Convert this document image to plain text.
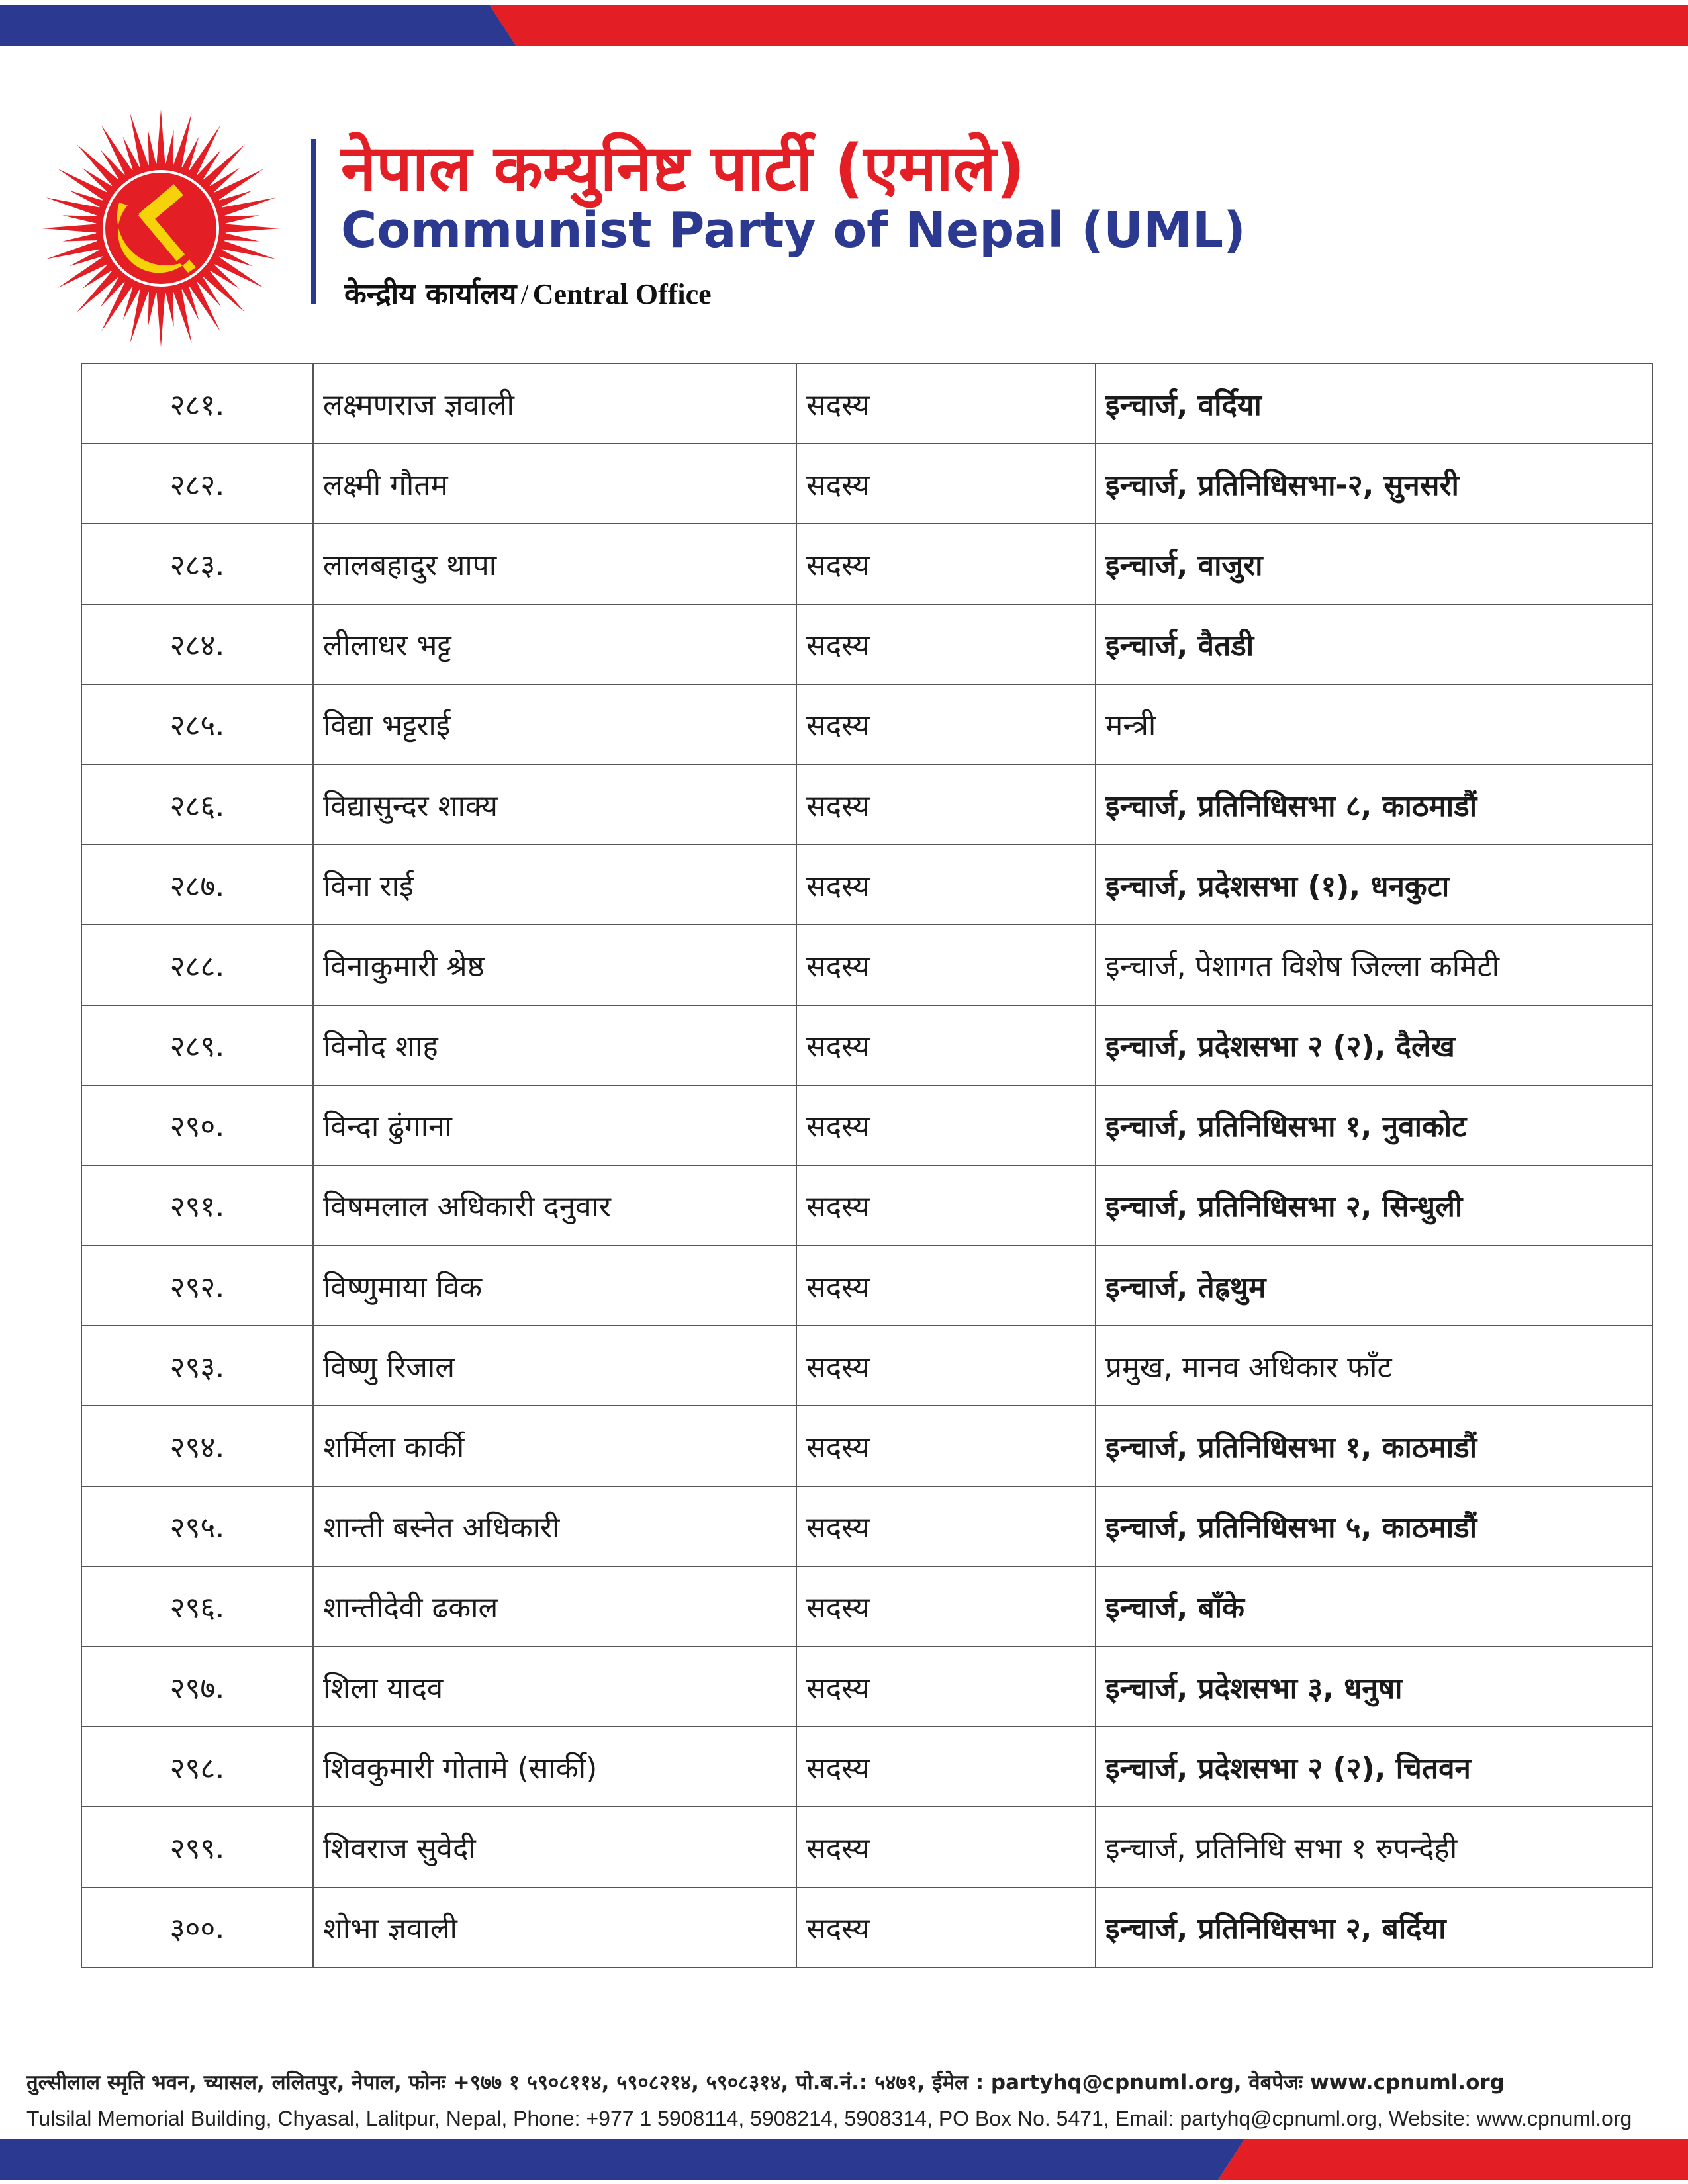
नेपाल कम्युनिष्ट पार्टी (एमाले)
Communist Party of Nepal (UML)
केन्द्रीय कार्यालय / Central Office
२८१.	लक्ष्मणराज ज्ञवाली	सदस्य	इन्चार्ज, वर्दिया
२८२.	लक्ष्मी गौतम	सदस्य	इन्चार्ज, प्रतिनिधिसभा-२, सुनसरी
२८३.	लालबहादुर थापा	सदस्य	इन्चार्ज, वाजुरा
२८४.	लीलाधर भट्ट	सदस्य	इन्चार्ज, वैतडी
२८५.	विद्या भट्टराई	सदस्य	मन्त्री
२८६.	विद्यासुन्दर शाक्य	सदस्य	इन्चार्ज, प्रतिनिधिसभा ८, काठमाडौं
२८७.	विना राई	सदस्य	इन्चार्ज, प्रदेशसभा (१), धनकुटा
२८८.	विनाकुमारी श्रेष्ठ	सदस्य	इन्चार्ज, पेशागत विशेष जिल्ला कमिटी
२८९.	विनोद शाह	सदस्य	इन्चार्ज, प्रदेशसभा २ (२), दैलेख
२९०.	विन्दा ढुंगाना	सदस्य	इन्चार्ज, प्रतिनिधिसभा १, नुवाकोट
२९१.	विषमलाल अधिकारी दनुवार	सदस्य	इन्चार्ज, प्रतिनिधिसभा २, सिन्धुली
२९२.	विष्णुमाया विक	सदस्य	इन्चार्ज, तेह्रथुम
२९३.	विष्णु रिजाल	सदस्य	प्रमुख, मानव अधिकार फाँट
२९४.	शर्मिला कार्की	सदस्य	इन्चार्ज, प्रतिनिधिसभा १, काठमाडौं
२९५.	शान्ती बस्नेत अधिकारी	सदस्य	इन्चार्ज, प्रतिनिधिसभा ५, काठमाडौं
२९६.	शान्तीदेवी ढकाल	सदस्य	इन्चार्ज, बाँके
२९७.	शिला यादव	सदस्य	इन्चार्ज, प्रदेशसभा ३, धनुषा
२९८.	शिवकुमारी गोतामे (सार्की)	सदस्य	इन्चार्ज, प्रदेशसभा २ (२), चितवन
२९९.	शिवराज सुवेदी	सदस्य	इन्चार्ज, प्रतिनिधि सभा १ रुपन्देही
३००.	शोभा ज्ञवाली	सदस्य	इन्चार्ज, प्रतिनिधिसभा २, बर्दिया
तुल्सीलाल स्मृति भवन, च्यासल, ललितपुर, नेपाल, फोनः +९७७ १ ५९०८११४, ५९०८२१४, ५९०८३१४, पो.ब.नं.: ५४७१, ईमेल : partyhq@cpnuml.org, वेबपेजः www.cpnuml.org
Tulsilal Memorial Building, Chyasal, Lalitpur, Nepal, Phone: +977 1 5908114, 5908214, 5908314, PO Box No. 5471, Email: partyhq@cpnuml.org, Website: www.cpnuml.org
